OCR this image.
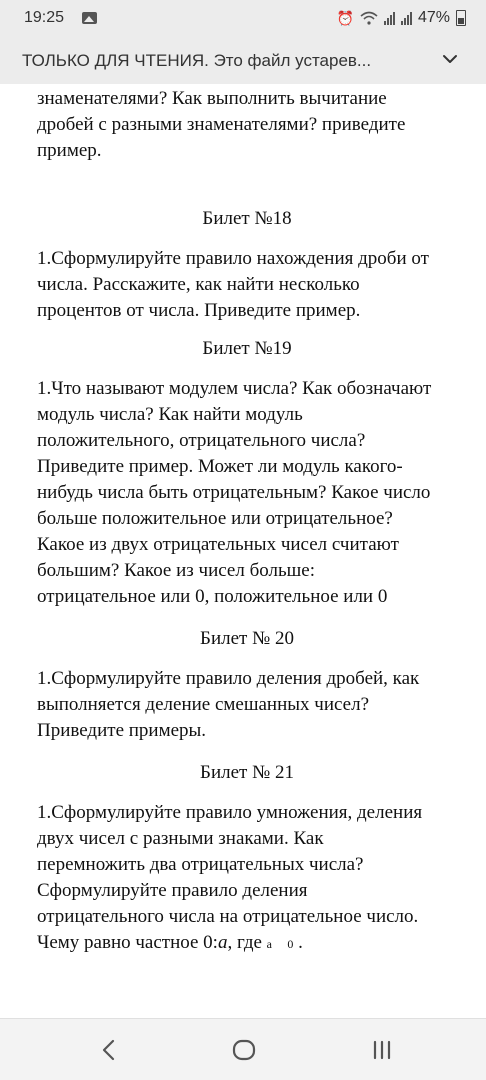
19:25	⏰	47%
ТОЛЬКО ДЛЯ ЧТЕНИЯ. Это файл устарев...

знаменателями? Как выполнить вычитание
дробей с разными знаменателями? приведите
пример.

Билет №18

1.Сформулируйте правило нахождения дроби от
числа. Расскажите, как найти несколько
процентов от числа. Приведите пример.

Билет №19

1.Что называют модулем числа? Как обозначают
модуль числа? Как найти модуль
положительного, отрицательного числа?
Приведите пример. Может ли модуль какого-
нибудь числа быть отрицательным? Какое число
больше положительное или отрицательное?
Какое из двух отрицательных чисел считают
большим? Какое из чисел больше:
отрицательное или 0, положительное или 0

Билет № 20

1.Сформулируйте правило деления дробей, как
выполняется деление смешанных чисел?
Приведите примеры.

Билет № 21

1.Сформулируйте правило умножения, деления
двух чисел с разными знаками. Как
перемножить два отрицательных числа?
Сформулируйте правило деления
отрицательного числа на отрицательное число.
Чему равно частное 0:a, где a ⃞ 0 .
